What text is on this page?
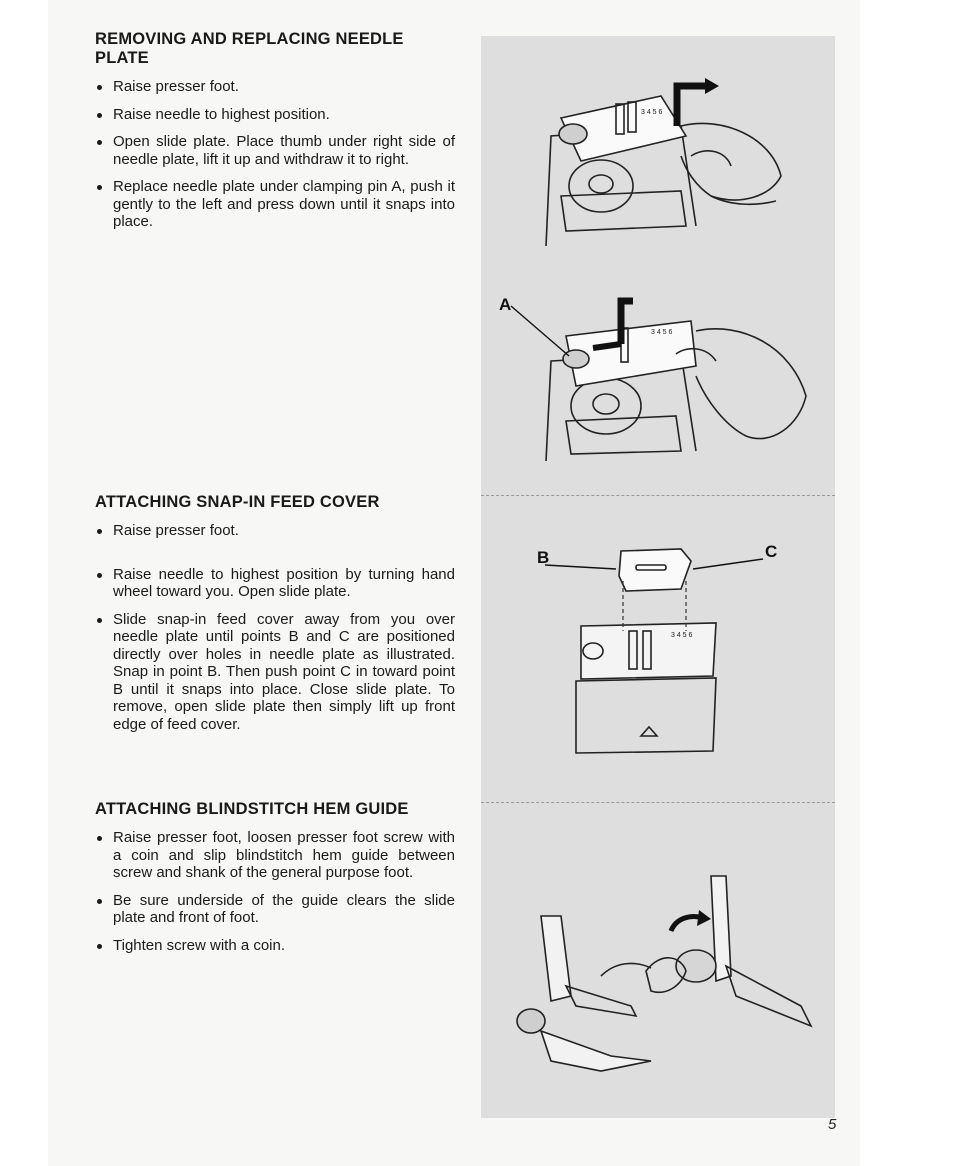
REMOVING AND REPLACING NEEDLE PLATE
Raise presser foot.
Raise needle to highest position.
Open slide plate. Place thumb under right side of needle plate, lift it up and withdraw it to right.
Replace needle plate under clamping pin A, push it gently to the left and press down until it snaps into place.
ATTACHING SNAP-IN FEED COVER
Raise presser foot.
Raise needle to highest position by turning hand wheel toward you. Open slide plate.
Slide snap-in feed cover away from you over needle plate until points B and C are positioned directly over holes in needle plate as illustrated. Snap in point B. Then push point C in toward point B until it snaps into place. Close slide plate. To remove, open slide plate then simply lift up front edge of feed cover.
ATTACHING BLINDSTITCH HEM GUIDE
Raise presser foot, loosen presser foot screw with a coin and slip blindstitch hem guide between screw and shank of the general purpose foot.
Be sure underside of the guide clears the slide plate and front of foot.
Tighten screw with a coin.
3 4 5 6
A
3 4 5 6
B	C
3 4 5 6
5
